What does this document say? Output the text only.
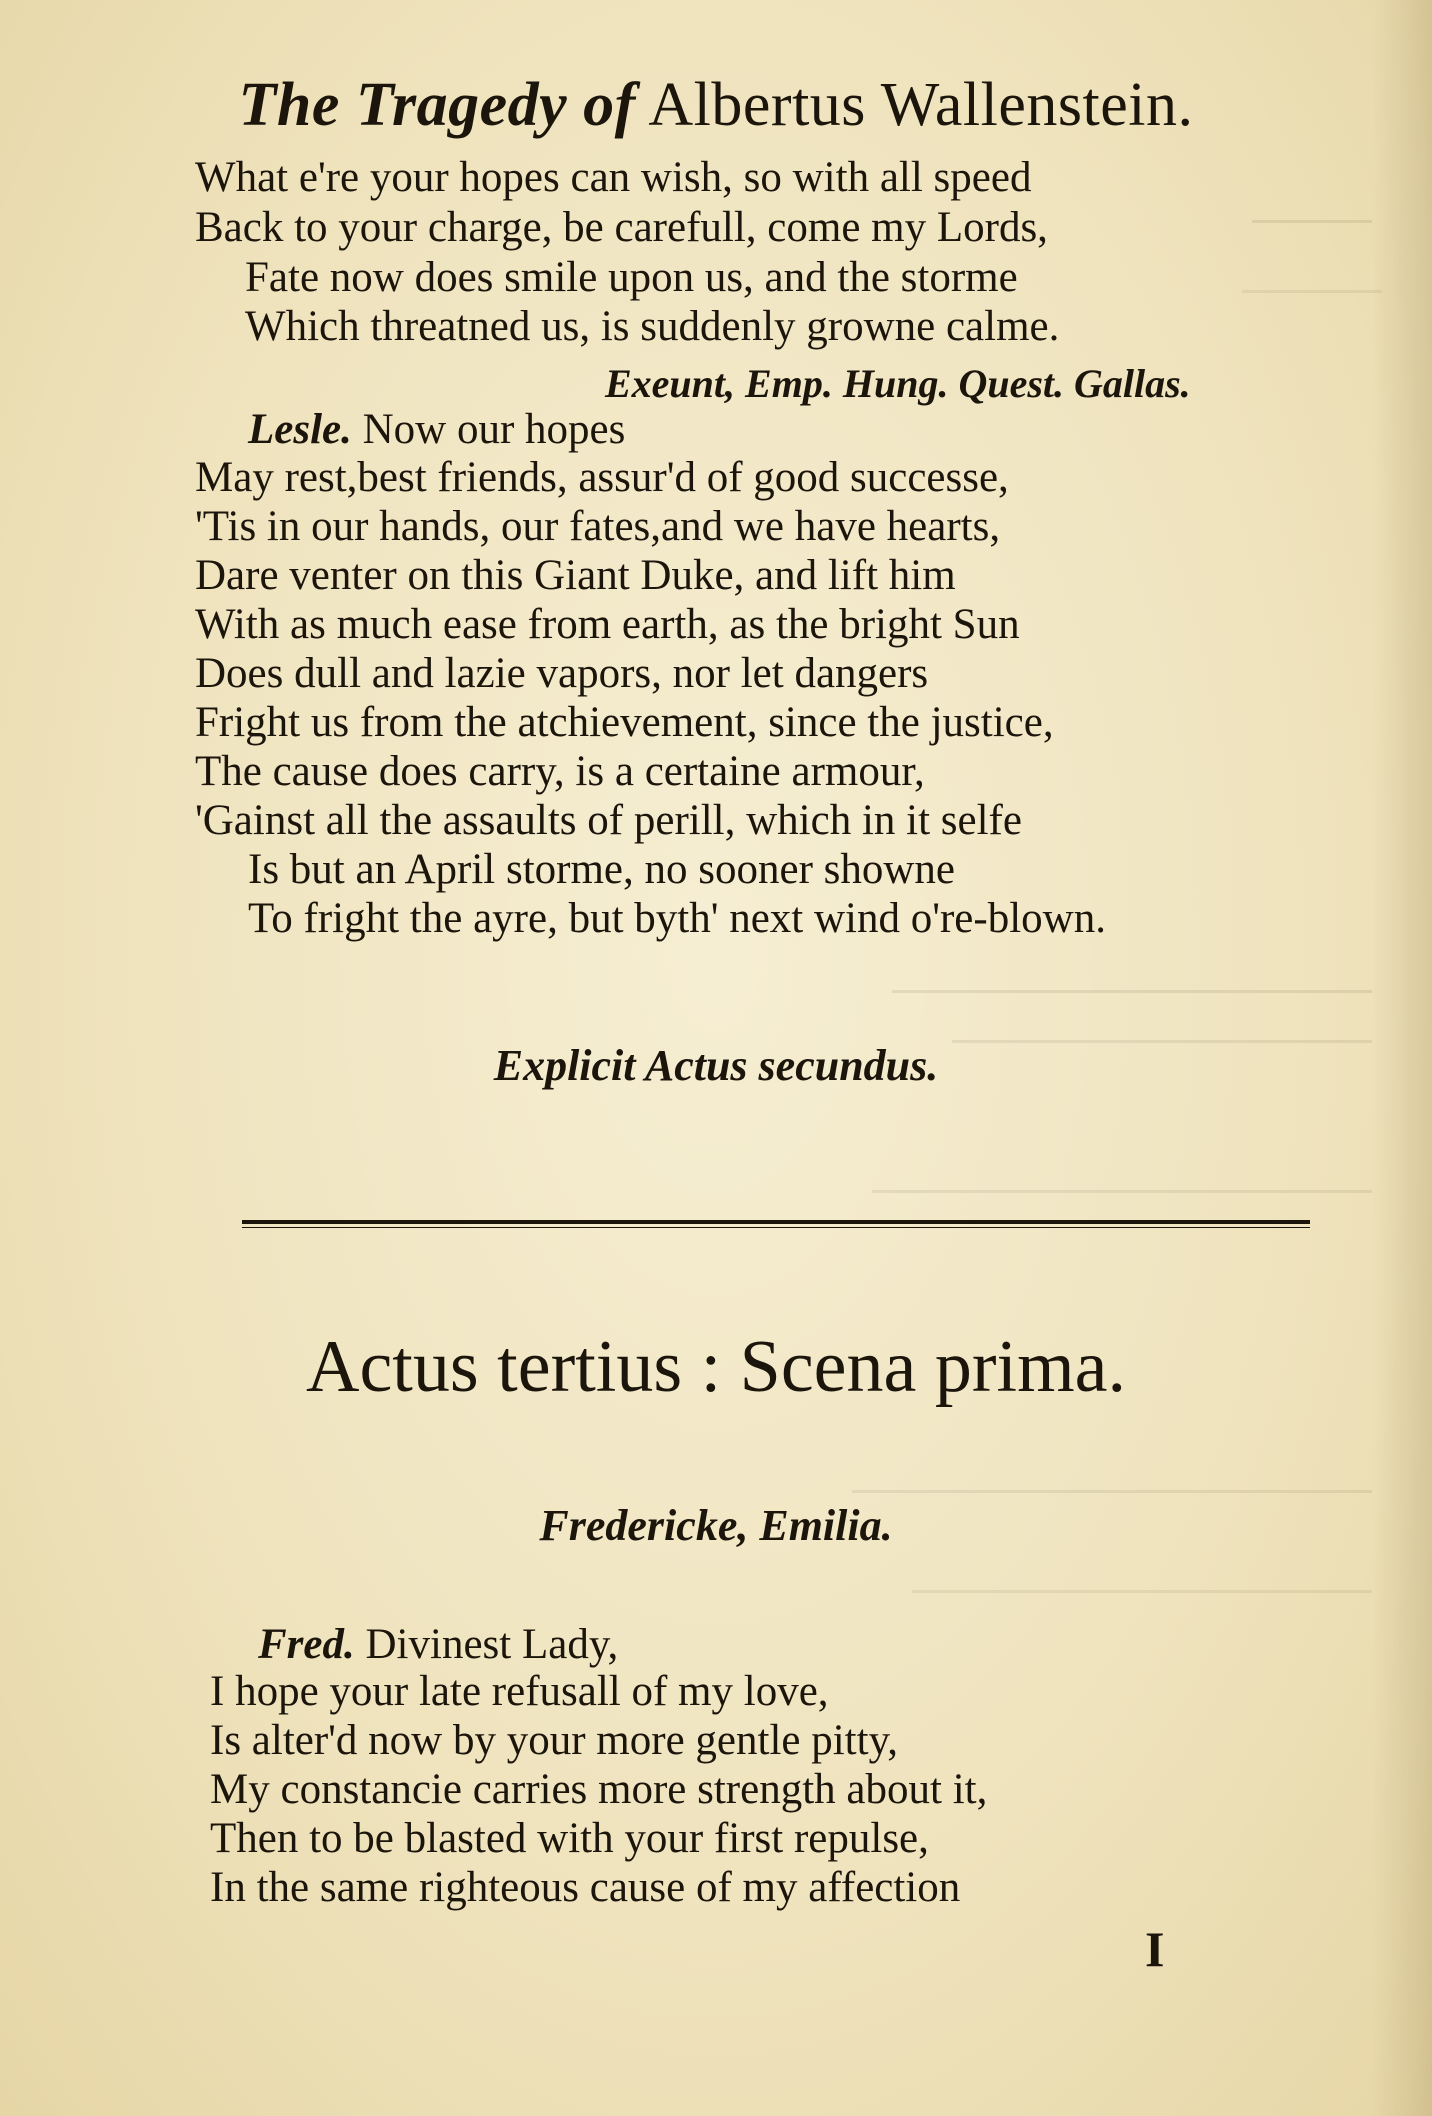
The Tragedy of Albertus Wallenstein.
What e're your hopes can wish, so with all speed
Back to your charge, be carefull, come my Lords,
Fate now does smile upon us, and the storme
Which threatned us, is suddenly growne calme.
Exeunt, Emp. Hung. Quest. Gallas.
Lesle. Now our hopes
May rest,best friends, assur'd of good successe,
'Tis in our hands, our fates,and we have hearts,
Dare venter on this Giant Duke, and lift him
With as much ease from earth, as the bright Sun
Does dull and lazie vapors, nor let dangers
Fright us from the atchievement, since the justice,
The cause does carry, is a certaine armour,
'Gainst all the assaults of perill, which in it selfe
Is but an April storme, no sooner showne
To fright the ayre, but byth' next wind o're-blown.
Explicit Actus secundus.
Actus tertius : Scena prima.
Fredericke, Emilia.
Fred. Divinest Lady,
I hope your late refusall of my love,
Is alter'd now by your more gentle pitty,
My constancie carries more strength about it,
Then to be blasted with your first repulse,
In the same righteous cause of my affection
I
